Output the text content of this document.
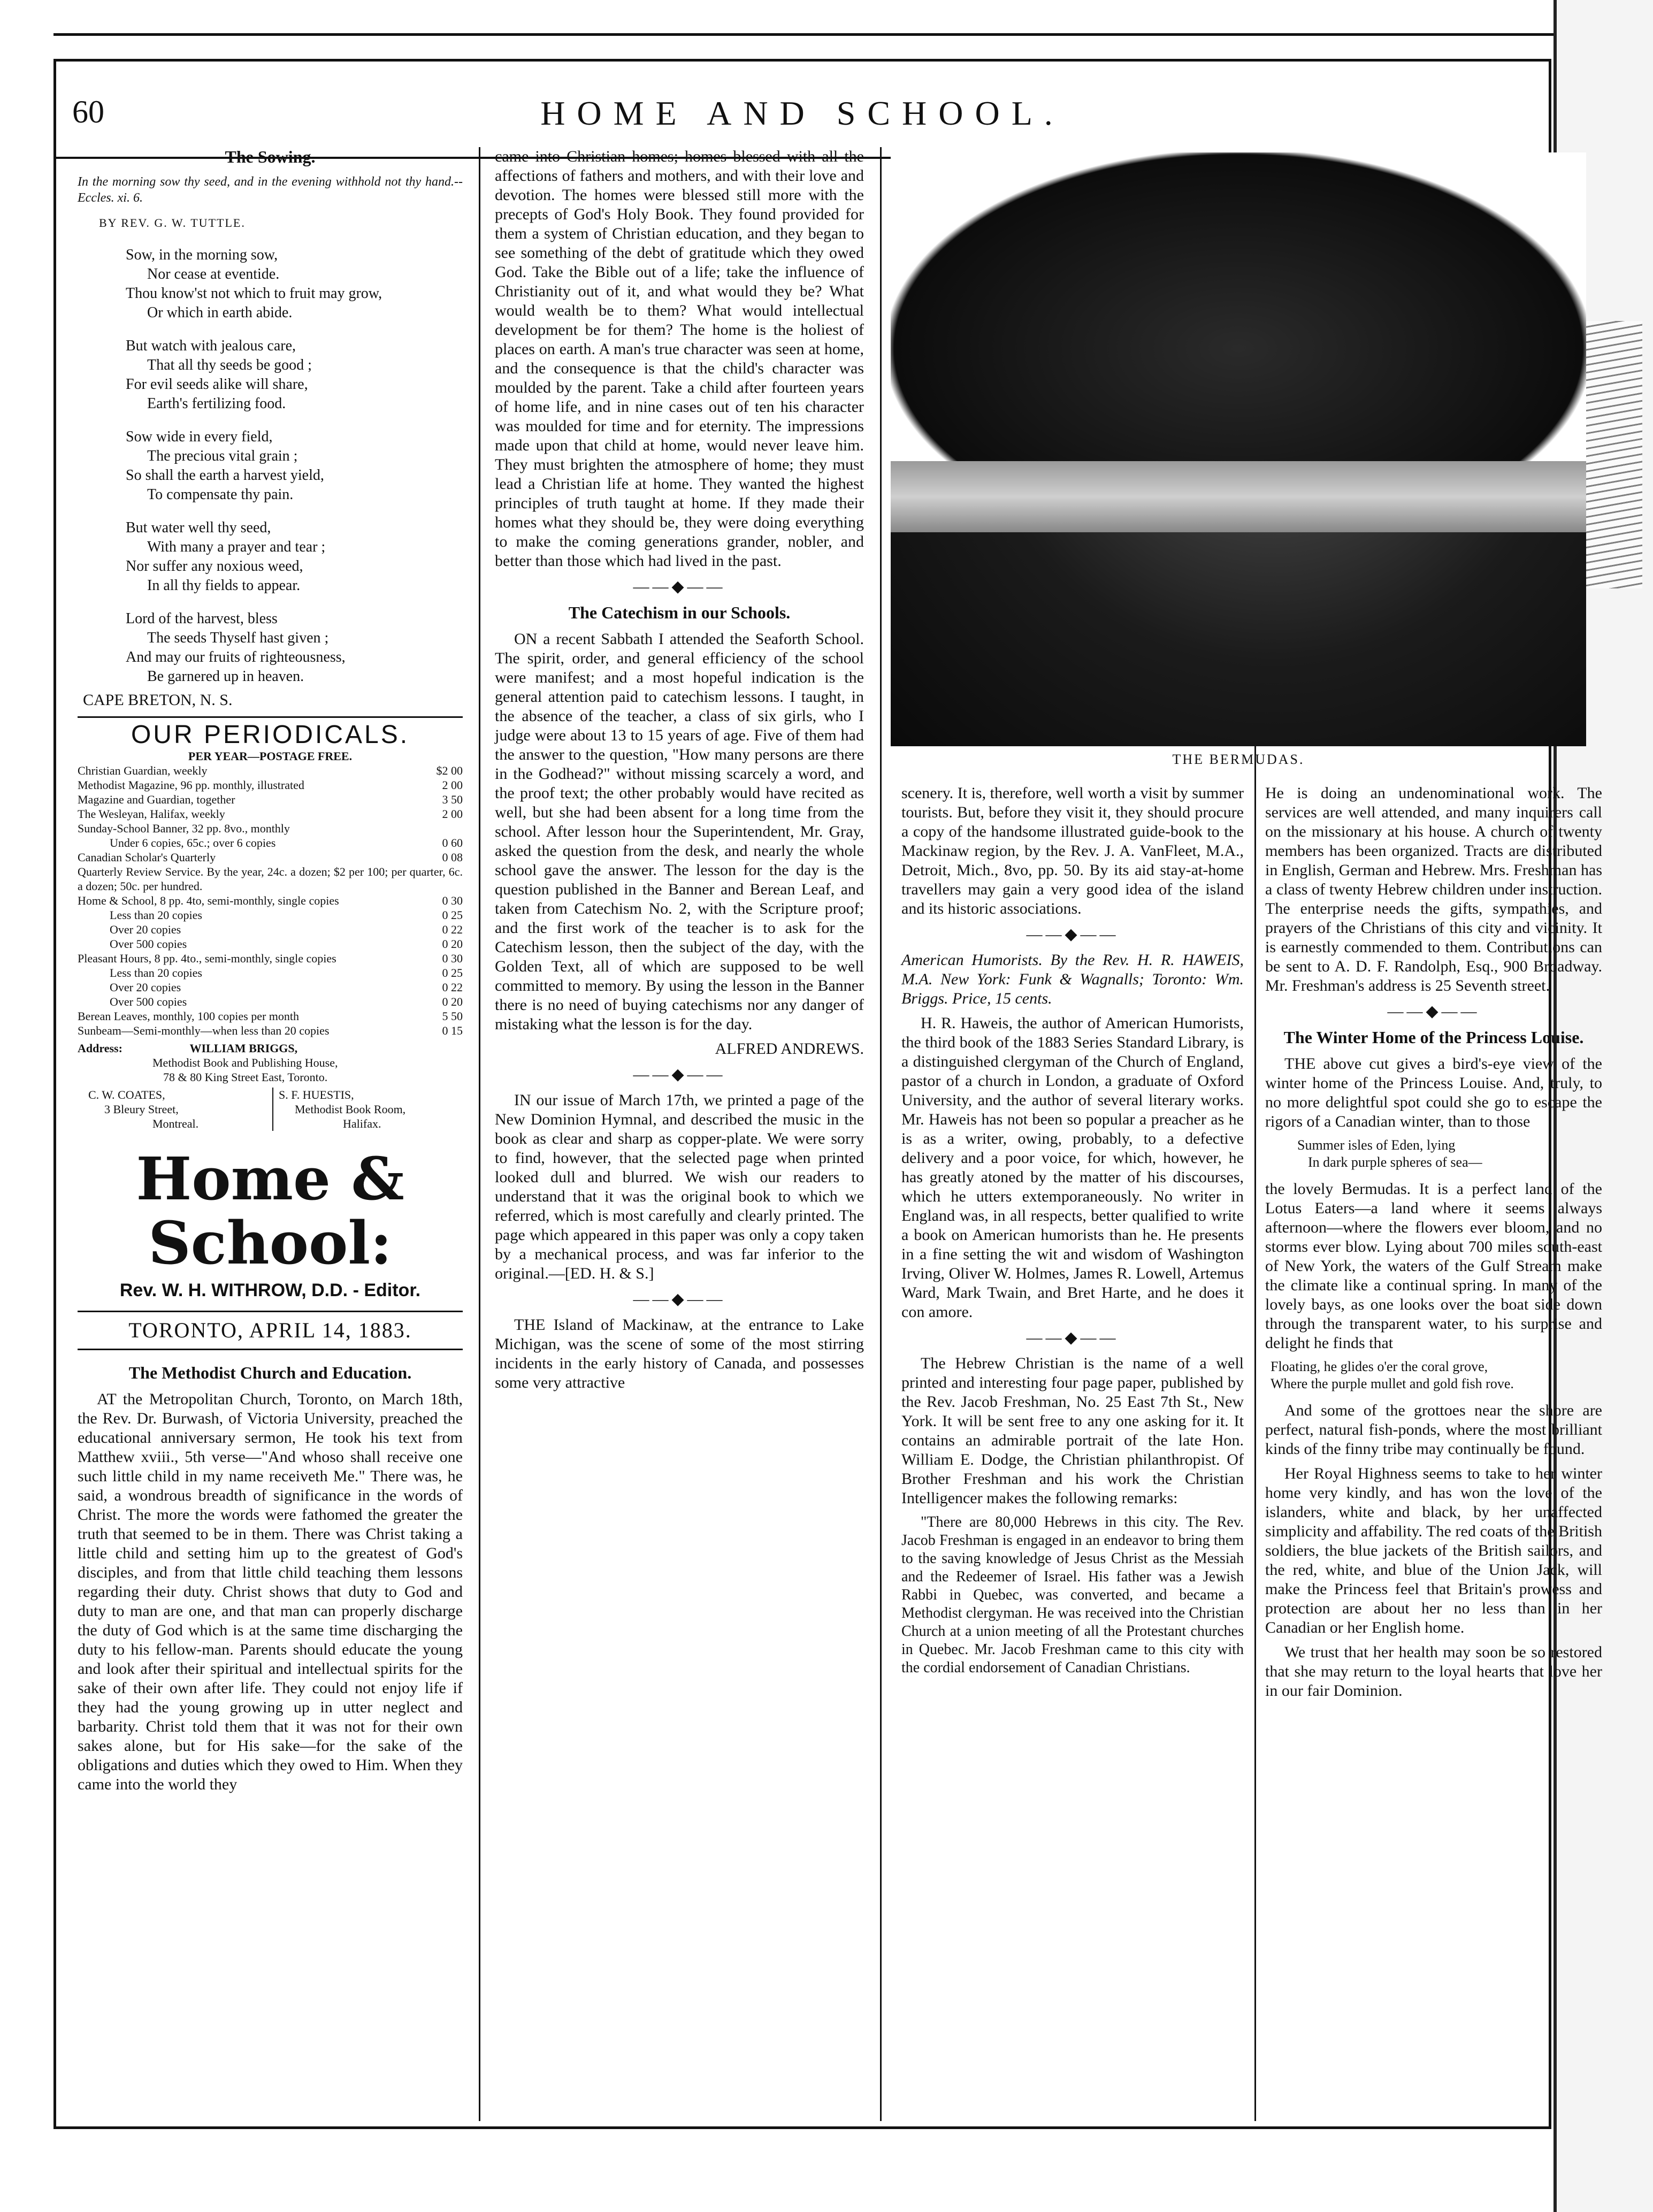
60	HOME AND SCHOOL.
The Sowing.
In the morning sow thy seed, and in the evening withhold not thy hand.--Eccles. xi. 6.
BY REV. G. W. TUTTLE.
Sow, in the morning sow,
Nor cease at eventide.
Thou know'st not which to fruit may grow,
Or which in earth abide.
But watch with jealous care,
That all thy seeds be good ;
For evil seeds alike will share,
Earth's fertilizing food.
Sow wide in every field,
The precious vital grain ;
So shall the earth a harvest yield,
To compensate thy pain.
But water well thy seed,
With many a prayer and tear ;
Nor suffer any noxious weed,
In all thy fields to appear.
Lord of the harvest, bless
The seeds Thyself hast given ;
And may our fruits of righteousness,
Be garnered up in heaven.
CAPE BRETON, N. S.
OUR PERIODICALS.
PER YEAR—POSTAGE FREE.
Christian Guardian, weekly	$2 00
Methodist Magazine, 96 pp. monthly, illustrated	2 00
Magazine and Guardian, together	3 50
The Wesleyan, Halifax, weekly	2 00
Sunday-School Banner, 32 pp. 8vo., monthly
Under 6 copies, 65c.; over 6 copies	0 60
Canadian Scholar's Quarterly	0 08
Quarterly Review Service. By the year, 24c. a dozen; $2 per 100; per quarter, 6c. a dozen; 50c. per hundred.
Home & School, 8 pp. 4to, semi-monthly, single copies	0 30
Less than 20 copies	0 25
Over 20 copies	0 22
Over 500 copies	0 20
Pleasant Hours, 8 pp. 4to., semi-monthly, single copies	0 30
Less than 20 copies	0 25
Over 20 copies	0 22
Over 500 copies	0 20
Berean Leaves, monthly, 100 copies per month	5 50
Sunbeam—Semi-monthly—when less than 20 copies	0 15
Address:	WILLIAM BRIGGS,
Methodist Book and Publishing House,
78 & 80 King Street East, Toronto.
C. W. COATES,
3 Bleury Street,
Montreal.
S. F. HUESTIS,
Methodist Book Room,
Halifax.
Home & School:
Rev. W. H. WITHROW, D.D. - Editor.
TORONTO, APRIL 14, 1883.
The Methodist Church and Education.

AT the Metropolitan Church, Toronto, on March 18th, the Rev. Dr. Burwash, of Victoria University, preached the educational anniversary sermon, He took his text from Matthew xviii., 5th verse—"And whoso shall receive one such little child in my name receiveth Me." There was, he said, a wondrous breadth of significance in the words of Christ. The more the words were fathomed the greater the truth that seemed to be in them. There was Christ taking a little child and setting him up to the greatest of God's disciples, and from that little child teaching them lessons regarding their duty. Christ shows that duty to God and duty to man are one, and that man can properly discharge the duty of God which is at the same time discharging the duty to his fellow-man. Parents should educate the young and look after their spiritual and intellectual spirits for the sake of their own after life. They could not enjoy life if they had the young growing up in utter neglect and barbarity. Christ told them that it was not for their own sakes alone, but for His sake—for the sake of the obligations and duties which they owed to Him. When they came into the world they

came into Christian homes; homes blessed with all the affections of fathers and mothers, and with their love and devotion. The homes were blessed still more with the precepts of God's Holy Book. They found provided for them a system of Christian education, and they began to see something of the debt of gratitude which they owed God. Take the Bible out of a life; take the influence of Christianity out of it, and what would they be? What would wealth be to them? What would intellectual development be for them? The home is the holiest of places on earth. A man's true character was seen at home, and the consequence is that the child's character was moulded by the parent. Take a child after fourteen years of home life, and in nine cases out of ten his character was moulded for time and for eternity. The impressions made upon that child at home, would never leave him. They must brighten the atmosphere of home; they must lead a Christian life at home. They wanted the highest principles of truth taught at home. If they made their homes what they should be, they were doing everything to make the coming generations grander, nobler, and better than those which had lived in the past.

——◆——
The Catechism in our Schools.

ON a recent Sabbath I attended the Seaforth School. The spirit, order, and general efficiency of the school were manifest; and a most hopeful indication is the general attention paid to catechism lessons. I taught, in the absence of the teacher, a class of six girls, who I judge were about 13 to 15 years of age. Five of them had the answer to the question, "How many persons are there in the Godhead?" without missing scarcely a word, and the proof text; the other probably would have recited as well, but she had been absent for a long time from the school. After lesson hour the Superintendent, Mr. Gray, asked the question from the desk, and nearly the whole school gave the answer. The lesson for the day is the question published in the Banner and Berean Leaf, and taken from Catechism No. 2, with the Scripture proof; and the first work of the teacher is to ask for the Catechism lesson, then the subject of the day, with the Golden Text, all of which are supposed to be well committed to memory. By using the lesson in the Banner there is no need of buying catechisms nor any danger of mistaking what the lesson is for the day.

ALFRED ANDREWS.
——◆——

IN our issue of March 17th, we printed a page of the New Dominion Hymnal, and described the music in the book as clear and sharp as copper-plate. We were sorry to find, however, that the selected page when printed looked dull and blurred. We wish our readers to understand that it was the original book to which we referred, which is most carefully and clearly printed. The page which appeared in this paper was only a copy taken by a mechanical process, and was far inferior to the original.—[ED. H. & S.]

——◆——

THE Island of Mackinaw, at the entrance to Lake Michigan, was the scene of some of the most stirring incidents in the early history of Canada, and possesses some very attractive

THE BERMUDAS.

scenery. It is, therefore, well worth a visit by summer tourists. But, before they visit it, they should procure a copy of the handsome illustrated guide-book to the Mackinaw region, by the Rev. J. A. VanFleet, M.A., Detroit, Mich., 8vo, pp. 50. By its aid stay-at-home travellers may gain a very good idea of the island and its historic associations.

——◆——

American Humorists. By the Rev. H. R. HAWEIS, M.A. New York: Funk & Wagnalls; Toronto: Wm. Briggs. Price, 15 cents.

H. R. Haweis, the author of American Humorists, the third book of the 1883 Series Standard Library, is a distinguished clergyman of the Church of England, pastor of a church in London, a graduate of Oxford University, and the author of several literary works. Mr. Haweis has not been so popular a preacher as he is as a writer, owing, probably, to a defective delivery and a poor voice, for which, however, he has greatly atoned by the matter of his discourses, which he utters extemporaneously. No writer in England was, in all respects, better qualified to write a book on American humorists than he. He presents in a fine setting the wit and wisdom of Washington Irving, Oliver W. Holmes, James R. Lowell, Artemus Ward, Mark Twain, and Bret Harte, and he does it con amore.

——◆——

The Hebrew Christian is the name of a well printed and interesting four page paper, published by the Rev. Jacob Freshman, No. 25 East 7th St., New York. It will be sent free to any one asking for it. It contains an admirable portrait of the late Hon. William E. Dodge, the Christian philanthropist. Of Brother Freshman and his work the Christian Intelligencer makes the following remarks:

"There are 80,000 Hebrews in this city. The Rev. Jacob Freshman is engaged in an endeavor to bring them to the saving knowledge of Jesus Christ as the Messiah and the Redeemer of Israel. His father was a Jewish Rabbi in Quebec, was converted, and became a Methodist clergyman. He was received into the Christian Church at a union meeting of all the Protestant churches in Quebec. Mr. Jacob Freshman came to this city with the cordial endorsement of Canadian Christians.

He is doing an undenominational work. The services are well attended, and many inquirers call on the missionary at his house. A church of twenty members has been organized. Tracts are distributed in English, German and Hebrew. Mrs. Freshman has a class of twenty Hebrew children under instruction. The enterprise needs the gifts, sympathies, and prayers of the Christians of this city and vicinity. It is earnestly commended to them. Contributions can be sent to A. D. F. Randolph, Esq., 900 Broadway. Mr. Freshman's address is 25 Seventh street.

——◆——
The Winter Home of the Princess Louise.

THE above cut gives a bird's-eye view of the winter home of the Princess Louise. And, truly, to no more delightful spot could she go to escape the rigors of a Canadian winter, than to those

Summer isles of Eden, lying
In dark purple spheres of sea—

the lovely Bermudas. It is a perfect land of the Lotus Eaters—a land where it seems always afternoon—where the flowers ever bloom, and no storms ever blow. Lying about 700 miles south-east of New York, the waters of the Gulf Stream make the climate like a continual spring. In many of the lovely bays, as one looks over the boat side down through the transparent water, to his surprise and delight he finds that

Floating, he glides o'er the coral grove,
Where the purple mullet and gold fish rove.

And some of the grottoes near the shore are perfect, natural fish-ponds, where the most brilliant kinds of the finny tribe may continually be found.

Her Royal Highness seems to take to her winter home very kindly, and has won the love of the islanders, white and black, by her unaffected simplicity and affability. The red coats of the British soldiers, the blue jackets of the British sailors, and the red, white, and blue of the Union Jack, will make the Princess feel that Britain's prowess and protection are about her no less than in her Canadian or her English home.

We trust that her health may soon be so restored that she may return to the loyal hearts that love her in our fair Dominion.
